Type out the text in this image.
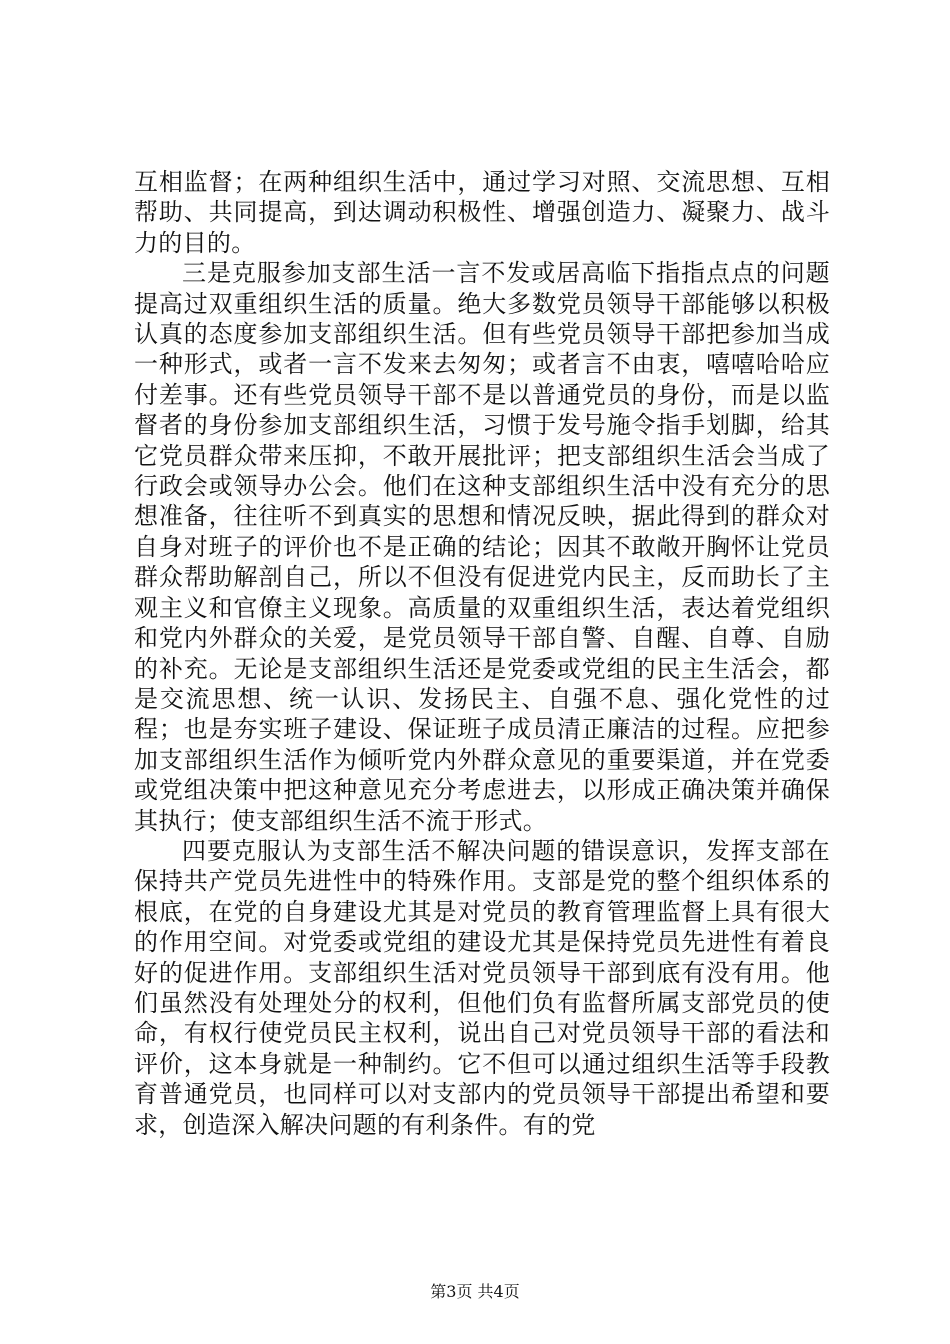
互相监督；在两种组织生活中，通过学习对照、交流思想、互相帮助、共同提高，到达调动积极性、增强创造力、凝聚力、战斗力的目的。

三是克服参加支部生活一言不发或居高临下指指点点的问题提高过双重组织生活的质量。绝大多数党员领导干部能够以积极认真的态度参加支部组织生活。但有些党员领导干部把参加当成一种形式，或者一言不发来去匆匆；或者言不由衷，嘻嘻哈哈应付差事。还有些党员领导干部不是以普通党员的身份，而是以监督者的身份参加支部组织生活，习惯于发号施令指手划脚，给其它党员群众带来压抑，不敢开展批评；把支部组织生活会当成了行政会或领导办公会。他们在这种支部组织生活中没有充分的思想准备，往往听不到真实的思想和情况反映，据此得到的群众对自身对班子的评价也不是正确的结论；因其不敢敞开胸怀让党员群众帮助解剖自己，所以不但没有促进党内民主，反而助长了主观主义和官僚主义现象。高质量的双重组织生活，表达着党组织和党内外群众的关爱，是党员领导干部自警、自醒、自尊、自励的补充。无论是支部组织生活还是党委或党组的民主生活会，都是交流思想、统一认识、发扬民主、自强不息、强化党性的过程；也是夯实班子建设、保证班子成员清正廉洁的过程。应把参加支部组织生活作为倾听党内外群众意见的重要渠道，并在党委或党组决策中把这种意见充分考虑进去，以形成正确决策并确保其执行；使支部组织生活不流于形式。

四要克服认为支部生活不解决问题的错误意识，发挥支部在保持共产党员先进性中的特殊作用。支部是党的整个组织体系的根底，在党的自身建设尤其是对党员的教育管理监督上具有很大的作用空间。对党委或党组的建设尤其是保持党员先进性有着良好的促进作用。支部组织生活对党员领导干部到底有没有用。他们虽然没有处理处分的权利，但他们负有监督所属支部党员的使命，有权行使党员民主权利，说出自己对党员领导干部的看法和评价，这本身就是一种制约。它不但可以通过组织生活等手段教育普通党员，也同样可以对支部内的党员领导干部提出希望和要求，创造深入解决问题的有利条件。有的党

第3页 共4页
